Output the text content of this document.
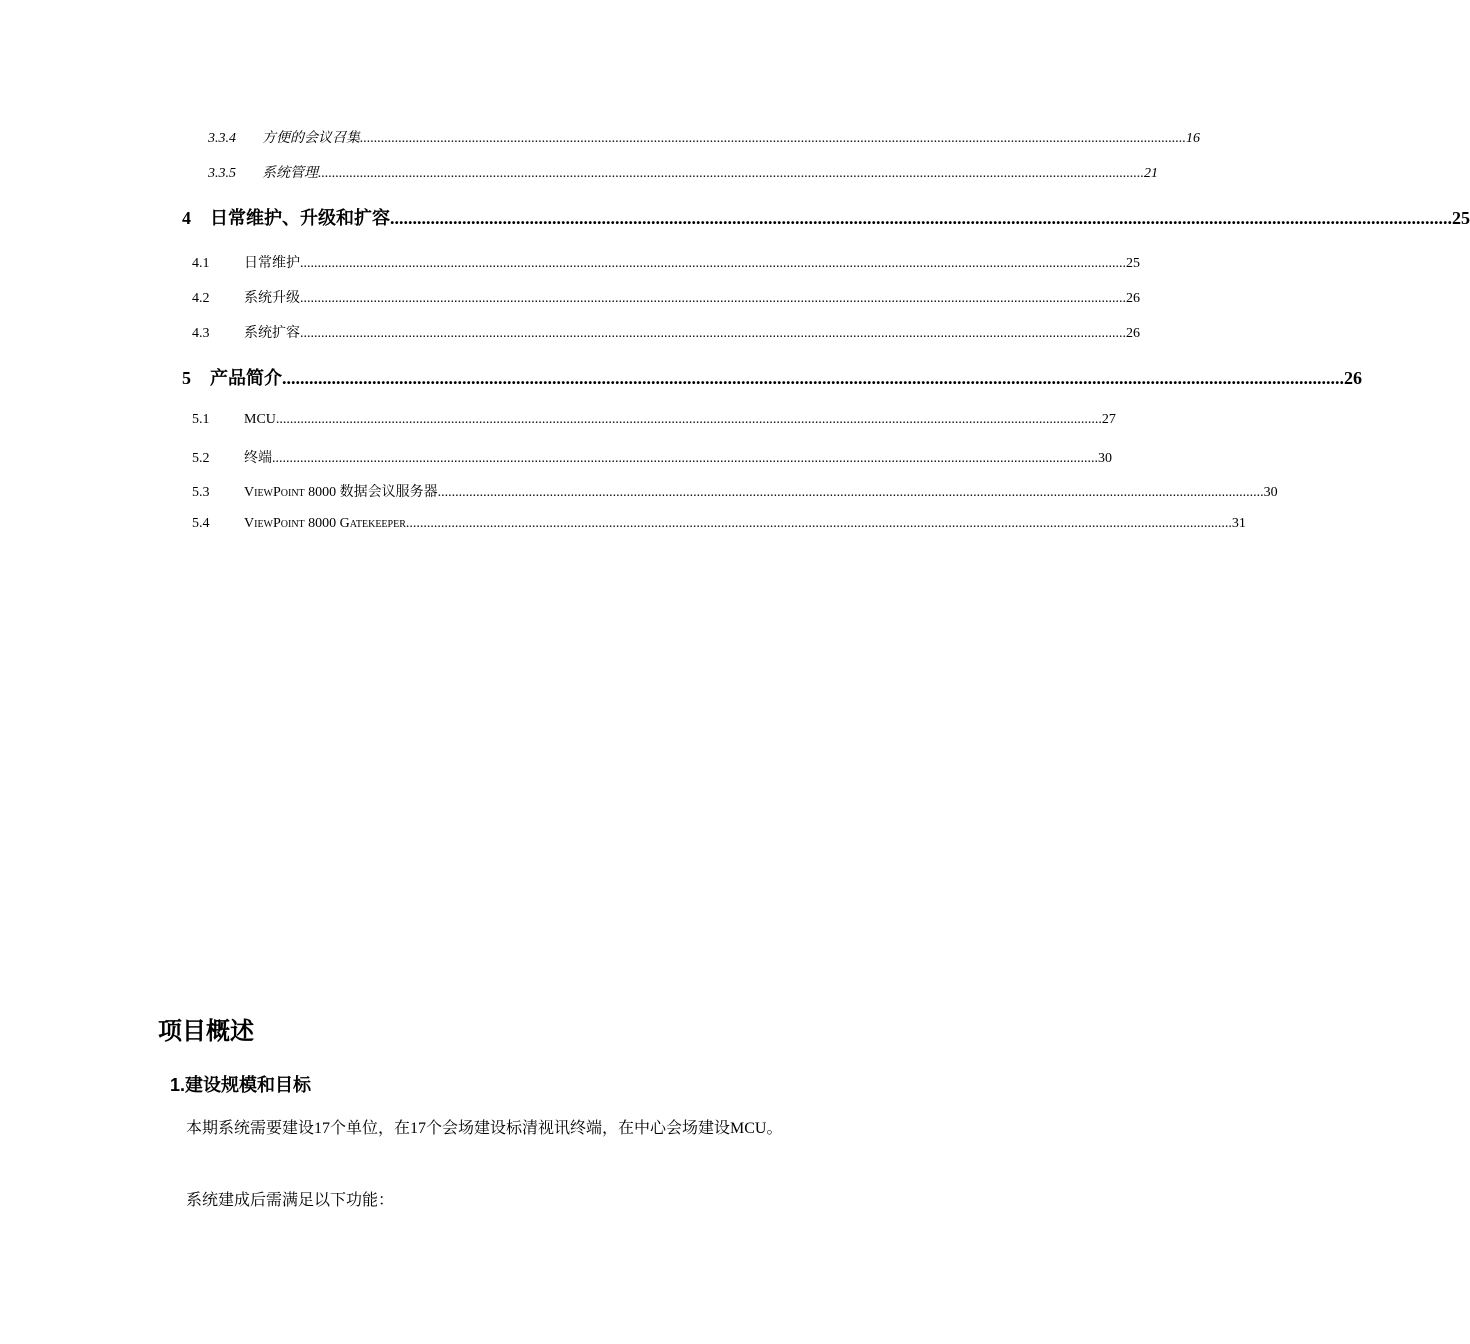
3.3.4	方便的会议召集 ............................................................................................................................................................................................................................................ 16
3.3.5	系统管理 ............................................................................................................................................................................................................................................ 21
4	日常维护、升级和扩容 ............................................................................................................................................................................................................................................ 25
4.1	日常维护 ............................................................................................................................................................................................................................................ 25
4.2	系统升级 ............................................................................................................................................................................................................................................ 26
4.3	系统扩容 ............................................................................................................................................................................................................................................ 26
5	产品简介 ............................................................................................................................................................................................................................................ 26
5.1	MCU ............................................................................................................................................................................................................................................ 27
5.2	终端 ............................................................................................................................................................................................................................................ 30
5.3	ViewPoint 8000 数据会议服务器 ............................................................................................................................................................................................................................................ 30
5.4	ViewPoint 8000 Gatekeeper ............................................................................................................................................................................................................................................ 31
项目概述
1.建设规模和目标

本期系统需要建设17个单位，在17个会场建设标清视讯终端，在中心会场建设MCU。

系统建成后需满足以下功能：
